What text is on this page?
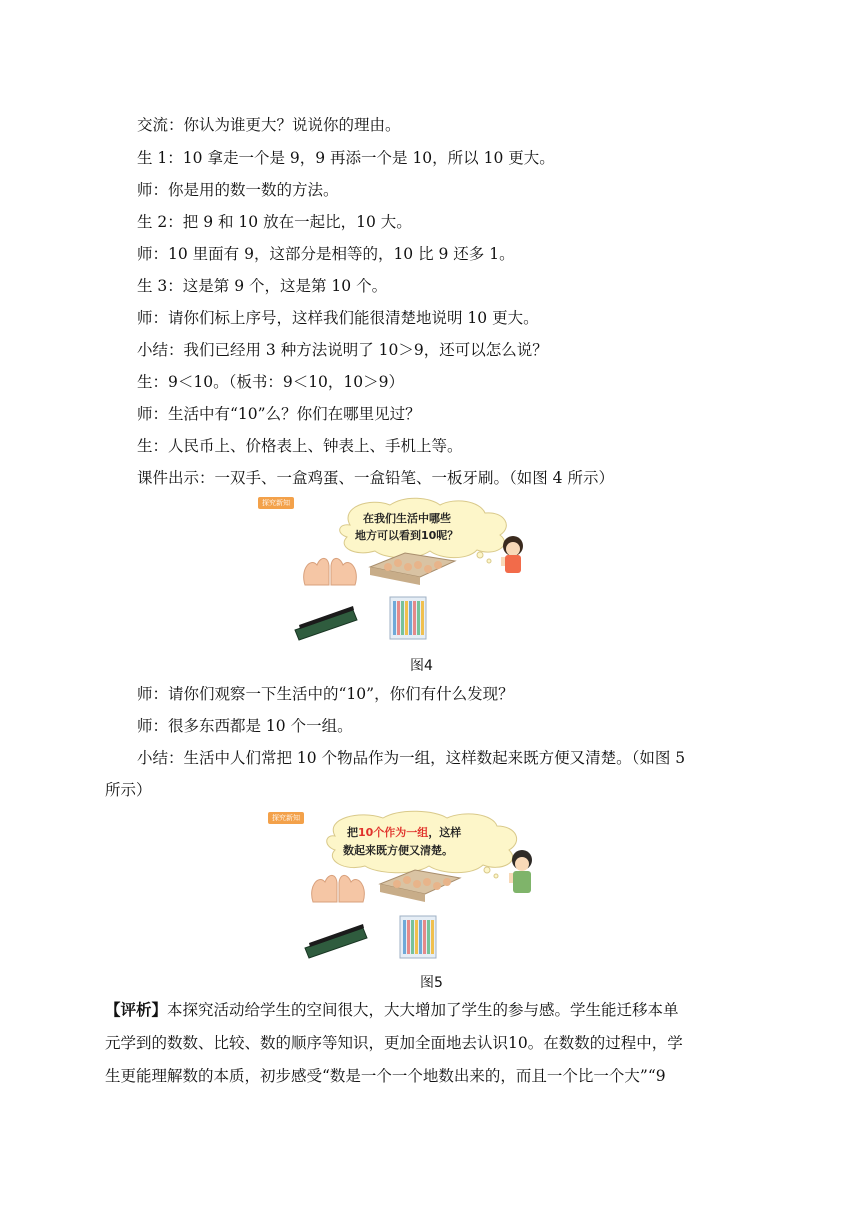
交流：你认为谁更大？说说你的理由。
生 1：10 拿走一个是 9，9 再添一个是 10，所以 10 更大。
师：你是用的数一数的方法。
生 2：把 9 和 10 放在一起比，10 大。
师：10 里面有 9，这部分是相等的，10 比 9 还多 1。
生 3：这是第 9 个，这是第 10 个。
师：请你们标上序号，这样我们能很清楚地说明 10 更大。
小结：我们已经用 3 种方法说明了 10＞9，还可以怎么说？
生：9＜10。（板书：9＜10，10＞9）
师：生活中有“10”么？你们在哪里见过？
生：人民币上、价格表上、钟表上、手机上等。
课件出示：一双手、一盒鸡蛋、一盒铅笔、一板牙刷。（如图 4 所示）
探究新知
在我们生活中哪些
地方可以看到10呢？
图4
师：请你们观察一下生活中的“10”，你们有什么发现？
师：很多东西都是 10 个一组。
小结：生活中人们常把 10 个物品作为一组，这样数起来既方便又清楚。（如图 5
所示）
探究新知
把10个作为一组，这样
数起来既方便又清楚。
图5
【评析】本探究活动给学生的空间很大，大大增加了学生的参与感。学生能迁移本单
元学到的数数、比较、数的顺序等知识，更加全面地去认识10。在数数的过程中，学
生更能理解数的本质，初步感受“数是一个一个地数出来的，而且一个比一个大”“9
